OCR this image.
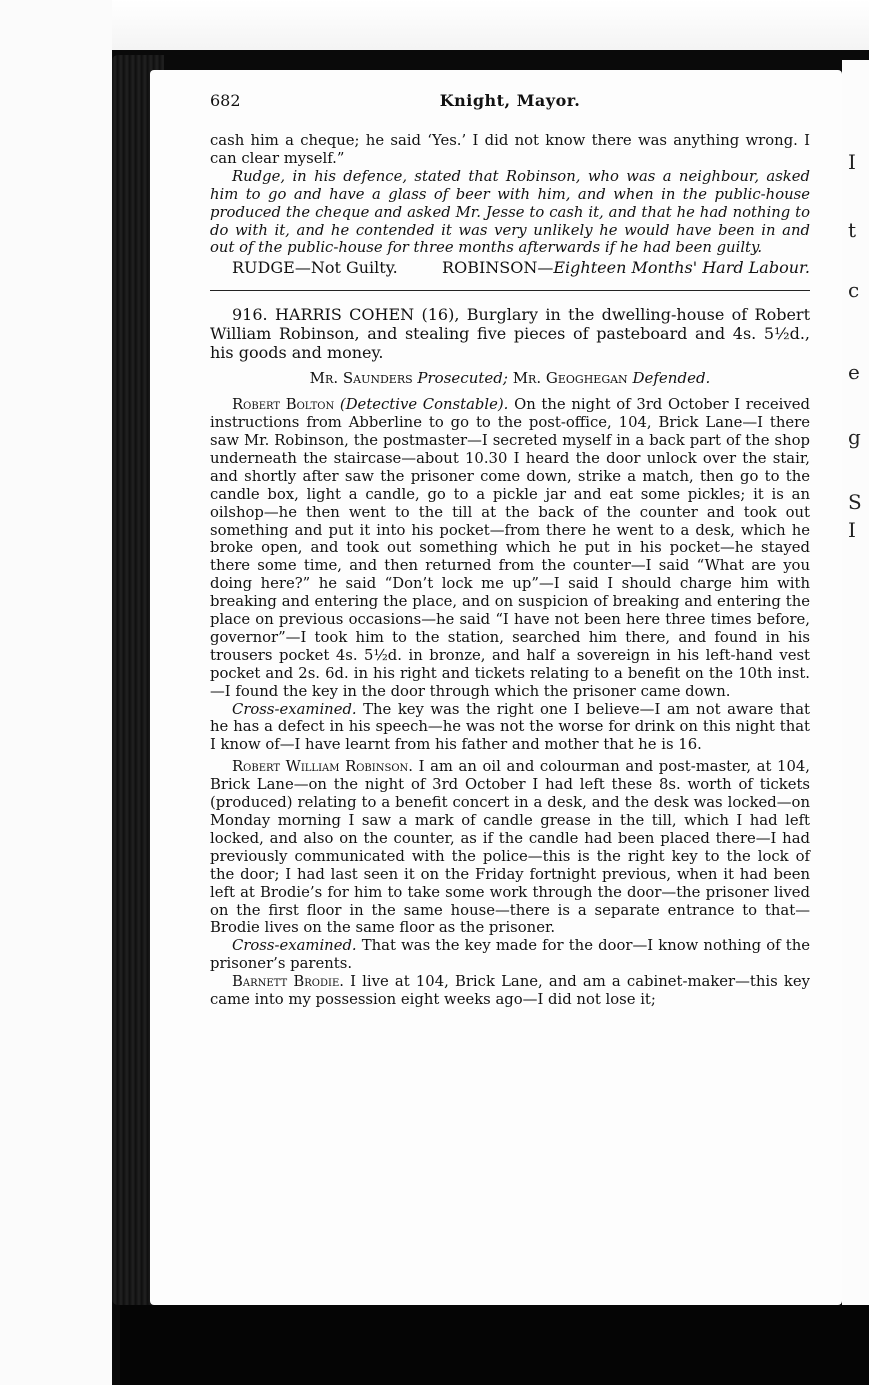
I
t
c
e
g
S
I
682	Knight, Mayor.

cash him a cheque; he said ‘Yes.’ I did not know there was anything wrong. I can clear myself.”

Rudge, in his defence, stated that Robinson, who was a neighbour, asked him to go and have a glass of beer with him, and when in the public-house produced the cheque and asked Mr. Jesse to cash it, and that he had nothing to do with it, and he contended it was very unlikely he would have been in and out of the public-house for three months afterwards if he had been guilty.

RUDGE—Not Guilty.	ROBINSON—Eighteen Months' Hard Labour.

916. HARRIS COHEN (16), Burglary in the dwelling-house of Robert William Robinson, and stealing five pieces of pasteboard and 4s. 5½d., his goods and money.

Mr. Saunders Prosecuted; Mr. Geoghegan Defended.

Robert Bolton (Detective Constable). On the night of 3rd October I received instructions from Abberline to go to the post-office, 104, Brick Lane—I there saw Mr. Robinson, the postmaster—I secreted myself in a back part of the shop underneath the staircase—about 10.30 I heard the door unlock over the stair, and shortly after saw the prisoner come down, strike a match, then go to the candle box, light a candle, go to a pickle jar and eat some pickles; it is an oilshop—he then went to the till at the back of the counter and took out something and put it into his pocket—from there he went to a desk, which he broke open, and took out something which he put in his pocket—he stayed there some time, and then returned from the counter—I said “What are you doing here?” he said “Don’t lock me up”—I said I should charge him with breaking and entering the place, and on suspicion of breaking and entering the place on previous occasions—he said “I have not been here three times before, governor”—I took him to the station, searched him there, and found in his trousers pocket 4s. 5½d. in bronze, and half a sovereign in his left-hand vest pocket and 2s. 6d. in his right and tickets relating to a benefit on the 10th inst.—I found the key in the door through which the prisoner came down.

Cross-examined. The key was the right one I believe—I am not aware that he has a defect in his speech—he was not the worse for drink on this night that I know of—I have learnt from his father and mother that he is 16.

Robert William Robinson. I am an oil and colourman and post-master, at 104, Brick Lane—on the night of 3rd October I had left these 8s. worth of tickets (produced) relating to a benefit concert in a desk, and the desk was locked—on Monday morning I saw a mark of candle grease in the till, which I had left locked, and also on the counter, as if the candle had been placed there—I had previously communicated with the police—this is the right key to the lock of the door; I had last seen it on the Friday fortnight previous, when it had been left at Brodie’s for him to take some work through the door—the prisoner lived on the first floor in the same house—there is a separate entrance to that—Brodie lives on the same floor as the prisoner.

Cross-examined. That was the key made for the door—I know nothing of the prisoner’s parents.

Barnett Brodie. I live at 104, Brick Lane, and am a cabinet-maker—this key came into my possession eight weeks ago—I did not lose it;
